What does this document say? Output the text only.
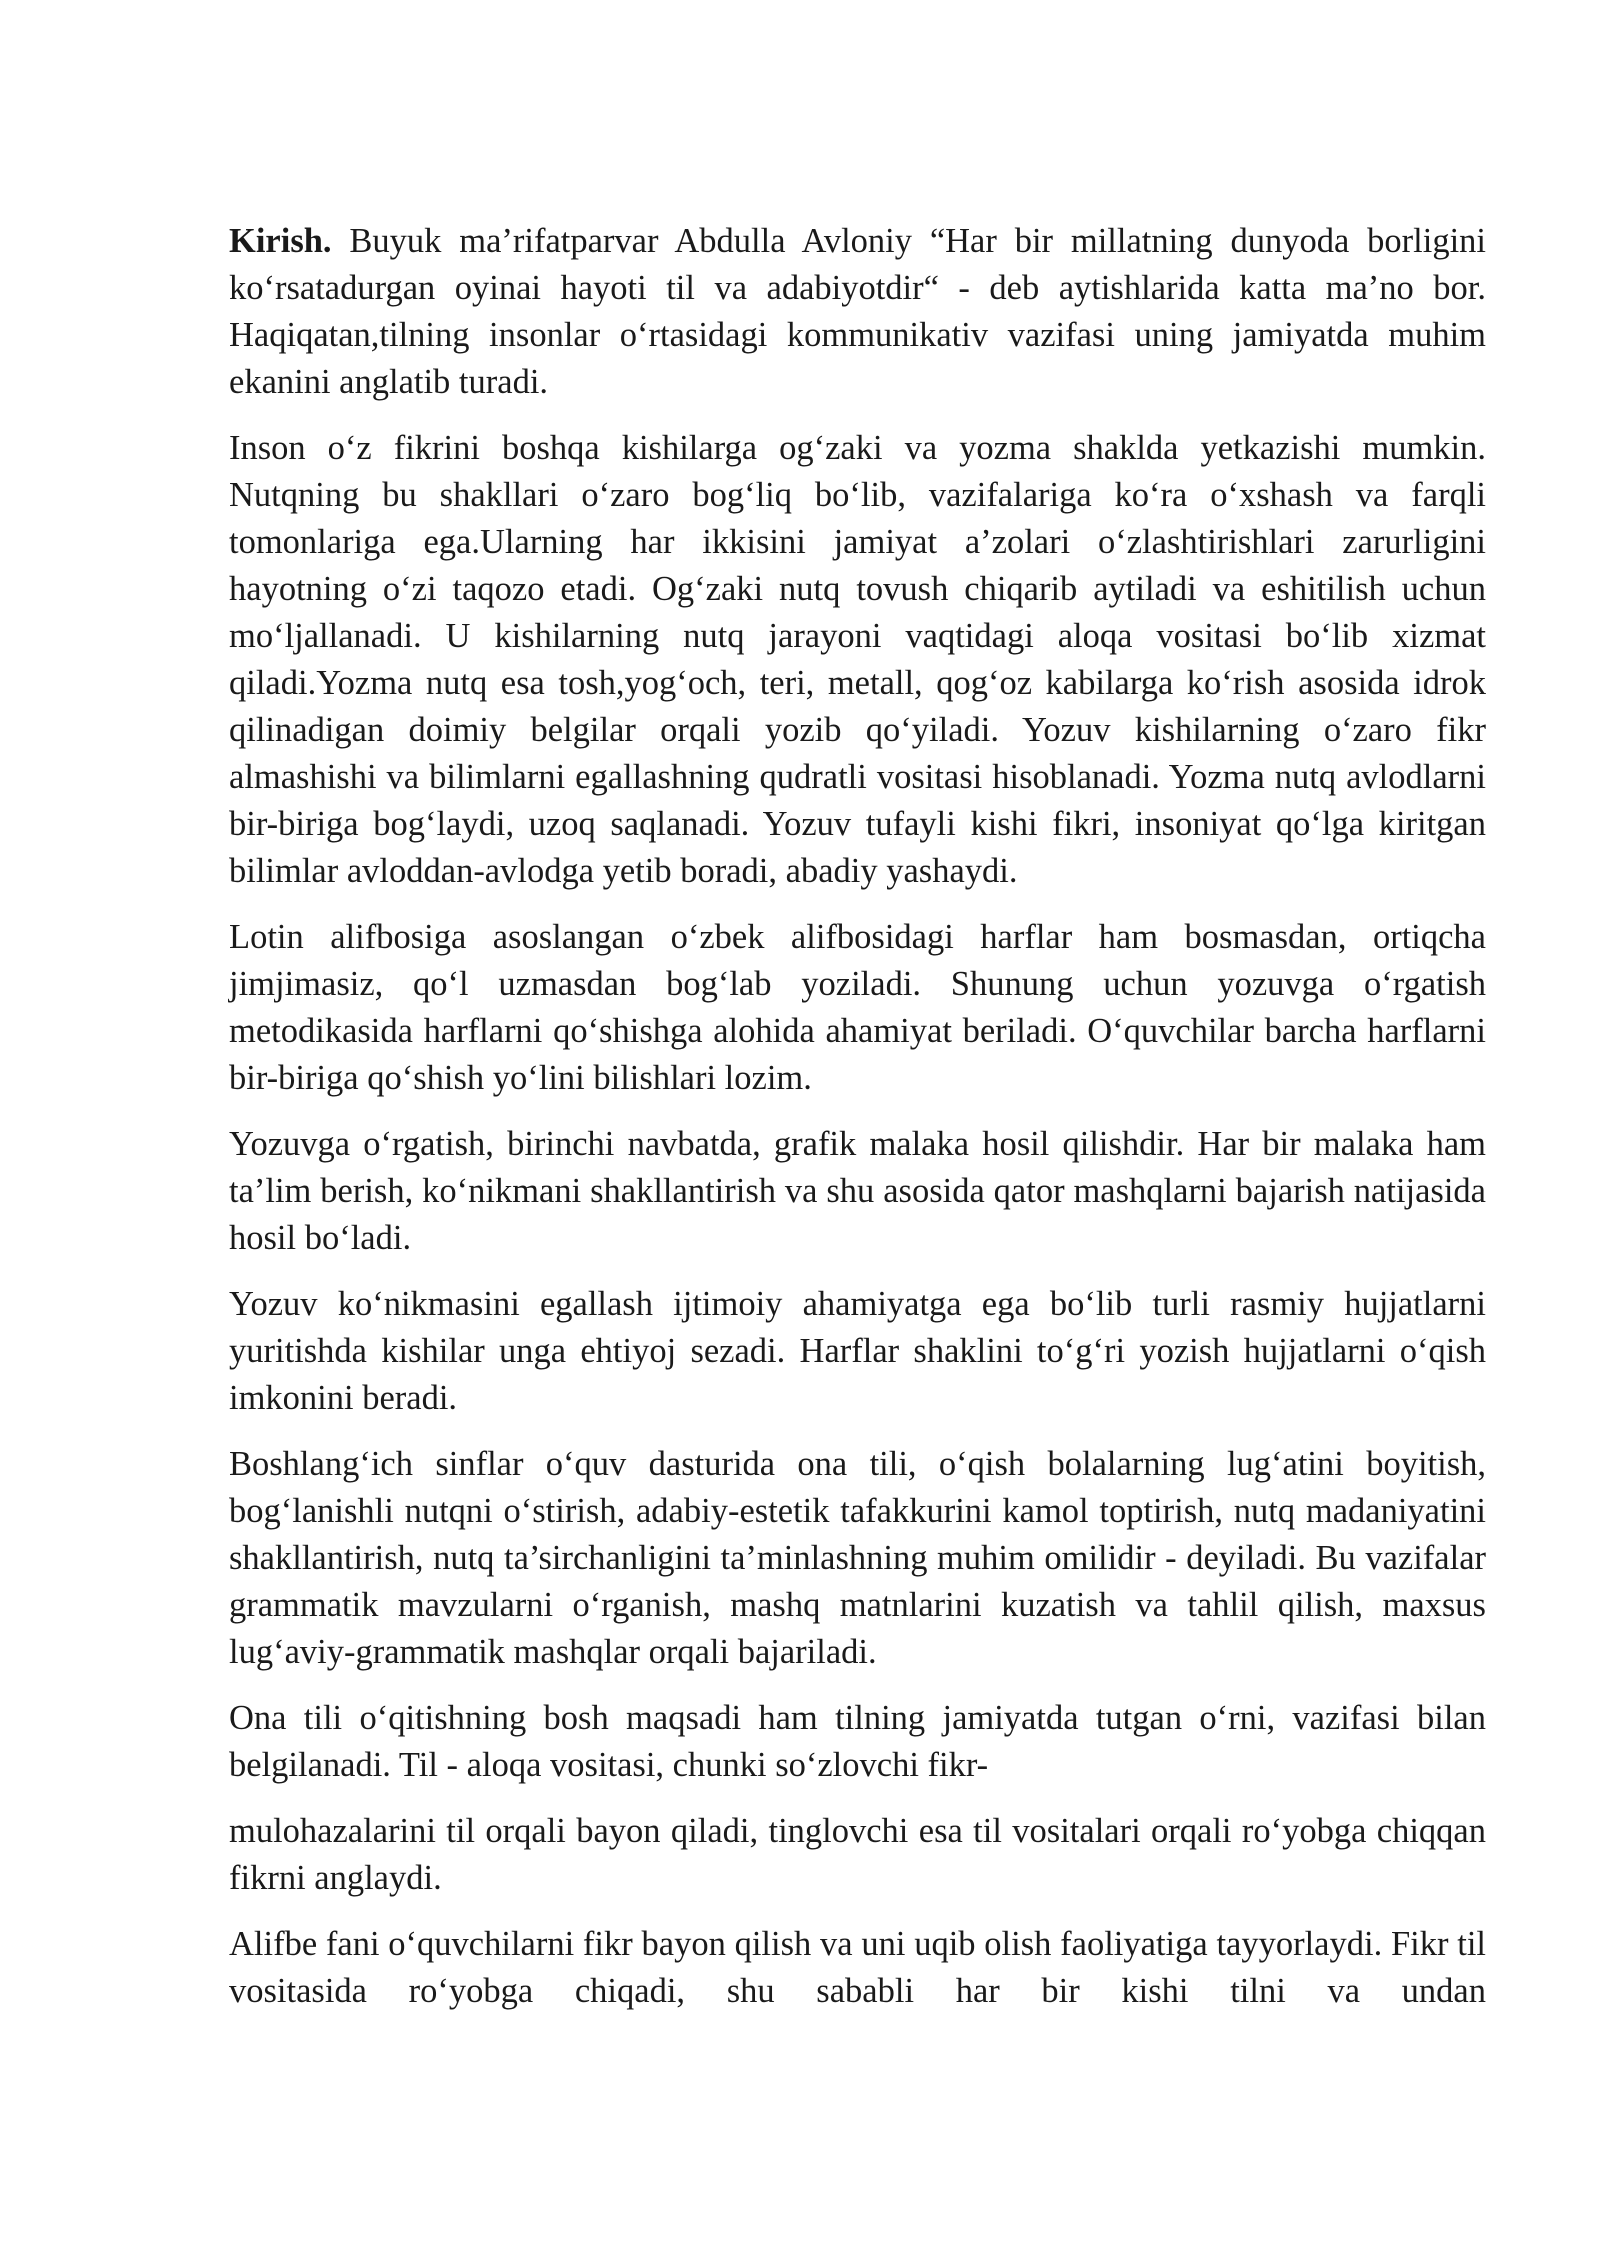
Kirish. Buyuk ma’rifatparvar Abdulla Avloniy “Har bir millatning dunyoda borligini ko‘rsatadurgan oyinai hayoti til va adabiyotdir“ - deb aytishlarida katta ma’no bor. Haqiqatan,tilning insonlar o‘rtasidagi kommunikativ vazifasi uning jamiyatda muhim ekanini anglatib turadi.

Inson o‘z fikrini boshqa kishilarga og‘zaki va yozma shaklda yetkazishi mumkin. Nutqning bu shakllari o‘zaro bog‘liq bo‘lib, vazifalariga ko‘ra o‘xshash va farqli tomonlariga ega.Ularning har ikkisini jamiyat a’zolari o‘zlashtirishlari zarurligini hayotning o‘zi taqozo etadi. Og‘zaki nutq tovush chiqarib aytiladi va eshitilish uchun mo‘ljallanadi. U kishilarning nutq jarayoni vaqtidagi aloqa vositasi bo‘lib xizmat qiladi.Yozma nutq esa tosh,yog‘och, teri, metall, qog‘oz kabilarga ko‘rish asosida idrok qilinadigan doimiy belgilar orqali yozib qo‘yiladi. Yozuv kishilarning o‘zaro fikr almashishi va bilimlarni egallashning qudratli vositasi hisoblanadi. Yozma nutq avlodlarni bir-biriga bog‘laydi, uzoq saqlanadi. Yozuv tufayli kishi fikri, insoniyat qo‘lga kiritgan bilimlar avloddan-avlodga yetib boradi, abadiy yashaydi.

Lotin alifbosiga asoslangan o‘zbek alifbosidagi harflar ham bosmasdan, ortiqcha jimjimasiz, qo‘l uzmasdan bog‘lab yoziladi. Shunung uchun yozuvga o‘rgatish metodikasida harflarni qo‘shishga alohida ahamiyat beriladi. O‘quvchilar barcha harflarni bir-biriga qo‘shish yo‘lini bilishlari lozim.

Yozuvga o‘rgatish, birinchi navbatda, grafik malaka hosil qilishdir. Har bir malaka ham ta’lim berish, ko‘nikmani shakllantirish va shu asosida qator mashqlarni bajarish natijasida hosil bo‘ladi.

Yozuv ko‘nikmasini egallash ijtimoiy ahamiyatga ega bo‘lib turli rasmiy hujjatlarni yuritishda kishilar unga ehtiyoj sezadi. Harflar shaklini to‘g‘ri yozish hujjatlarni o‘qish imkonini beradi.

Boshlang‘ich sinflar o‘quv dasturida ona tili, o‘qish bolalarning lug‘atini boyitish, bog‘lanishli nutqni o‘stirish, adabiy-estetik tafakkurini kamol toptirish, nutq madaniyatini shakllantirish, nutq ta’sirchanligini ta’minlashning muhim omilidir - deyiladi. Bu vazifalar grammatik mavzularni o‘rganish, mashq matnlarini kuzatish va tahlil qilish, maxsus lug‘aviy-grammatik mashqlar orqali bajariladi.

Ona tili o‘qitishning bosh maqsadi ham tilning jamiyatda tutgan o‘rni, vazifasi bilan belgilanadi. Til - aloqa vositasi, chunki so‘zlovchi fikr-

mulohazalarini til orqali bayon qiladi, tinglovchi esa til vositalari orqali ro‘yobga chiqqan fikrni anglaydi.

Alifbe fani o‘quvchilarni fikr bayon qilish va uni uqib olish faoliyatiga tayyorlaydi. Fikr til vositasida ro‘yobga chiqadi, shu sababli har bir kishi tilni va undan
